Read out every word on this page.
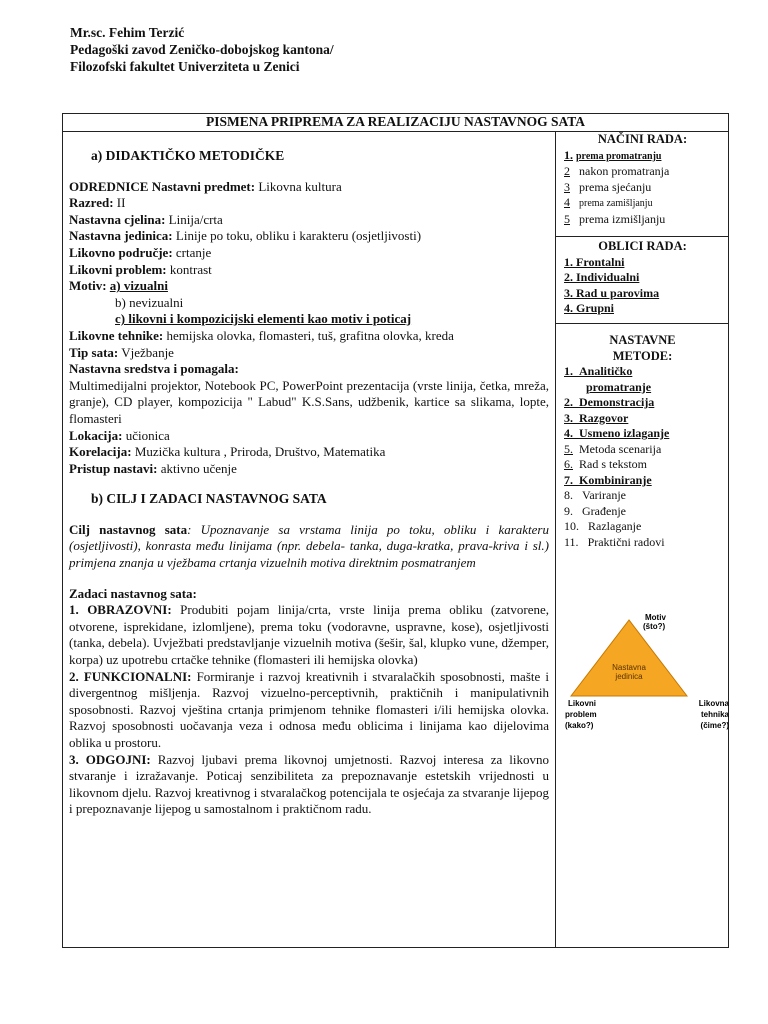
Mr.sc. Fehim Terzić
Pedagoški zavod Zeničko-dobojskog kantona/
Filozofski fakultet Univerziteta u Zenici
PISMENA PRIPREMA ZA REALIZACIJU NASTAVNOG SATA

a) DIDAKTIČKO METODIČKE

ODREDNICE Nastavni predmet: Likovna kultura

Razred: II

Nastavna cjelina: Linija/crta

Nastavna jedinica: Linije po toku, obliku i karakteru (osjetljivosti)

Likovno područje: crtanje

Likovni problem: kontrast

Motiv: a) vizualni

b) nevizualni

c) likovni i kompozicijski elementi kao motiv i poticaj

Likovne tehnike: hemijska olovka, flomasteri, tuš, grafitna olovka, kreda

Tip sata: Vježbanje

Nastavna sredstva i pomagala:

Multimedijalni projektor, Notebook PC, PowerPoint prezentacija (vrste linija, četka, mreža, granje), CD player, kompozicija " Labud" K.S.Sans, udžbenik, kartice sa slikama, lopte, flomasteri

Lokacija: učionica

Korelacija: Muzička kultura , Priroda, Društvo, Matematika

Pristup nastavi: aktivno učenje

b) CILJ I ZADACI NASTAVNOG SATA

Cilj nastavnog sata: Upoznavanje sa vrstama linija po toku, obliku i karakteru (osjetljivosti), konrasta među linijama (npr. debela- tanka, duga-kratka, prava-kriva i sl.) primjena znanja u vježbama crtanja vizuelnih motiva direktnim posmatranjem

Zadaci nastavnog sata:

1. OBRAZOVNI: Produbiti pojam linija/crta, vrste linija prema obliku (zatvorene, otvorene, isprekidane, izlomljene), prema toku (vodoravne, uspravne, kose), osjetljivosti (tanka, debela). Uvježbati predstavljanje vizuelnih motiva (šešir, šal, klupko vune, džemper, korpa) uz upotrebu crtačke tehnike (flomasteri ili hemijska olovka)

2. FUNKCIONALNI: Formiranje i razvoj kreativnih i stvaralačkih sposobnosti, mašte i divergentnog mišljenja. Razvoj vizuelno-perceptivnih, praktičnih i manipulativnih sposobnosti. Razvoj vještina crtanja primjenom tehnike flomasteri i/ili hemijska olovka. Razvoj sposobnosti uočavanja veza i odnosa među oblicima i linijama kao dijelovima oblika u prostoru.

3. ODGOJNI: Razvoj ljubavi prema likovnoj umjetnosti. Razvoj interesa za likovno stvaranje i izražavanje. Poticaj senzibiliteta za prepoznavanje estetskih vrijednosti u likovnom djelu. Razvoj kreativnog i stvaralačkog potencijala te osjećaja za stvaranje lijepog i prepoznavanje lijepog u samostalnom i praktičnom radu.

NAČINI RADA:
1. prema promatranju
2 nakon promatranja
3 prema sjećanju
4 prema zamišljanju
5 prema izmišljanju
OBLICI RADA:
1. Frontalni
2. Individualni
3. Rad u parovima
4. Grupni
NASTAVNE
METODE:
1. Analitičko
promatranje
2. Demonstracija
3. Razgovor
4. Usmeno izlaganje
5. Metoda scenarija
6. Rad s tekstom
7. Kombiniranje
8. Variranje
9. Građenje
10. Razlaganje
11. Praktični radovi
Motiv
(što?)
Nastavna
jedinica
Likovni
problem
(kako?)
Likovna
tehnika
(čime?)
